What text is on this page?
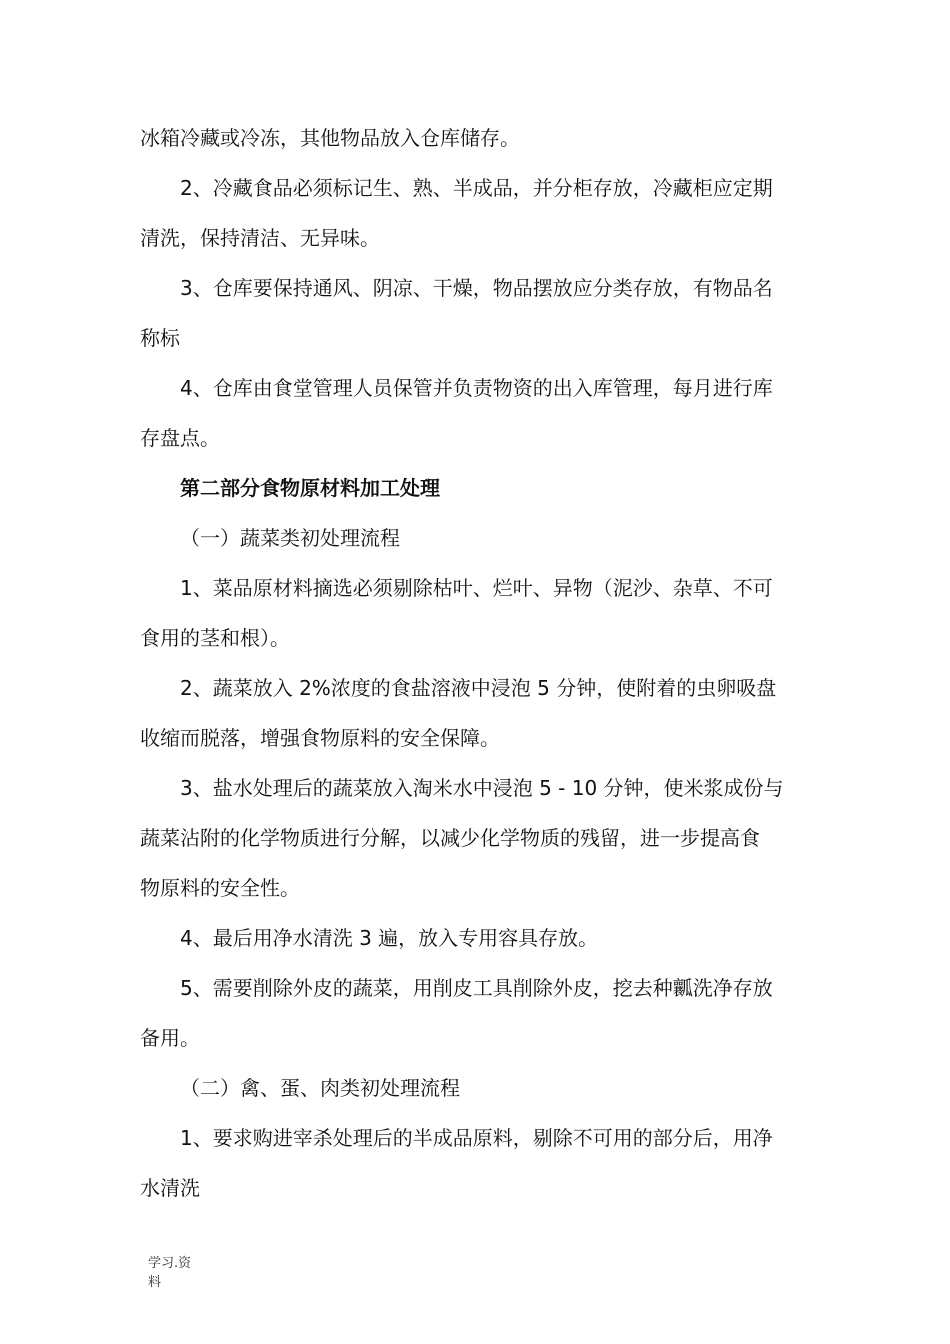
冰箱冷藏或冷冻，其他物品放入仓库储存。
2、冷藏食品必须标记生、熟、半成品，并分柜存放，冷藏柜应定期
清洗，保持清洁、无异味。
3、仓库要保持通风、阴凉、干燥，物品摆放应分类存放，有物品名
称标
4、仓库由食堂管理人员保管并负责物资的出入库管理，每月进行库
存盘点。
第二部分食物原材料加工处理
（一）蔬菜类初处理流程
1、菜品原材料摘选必须剔除枯叶、烂叶、异物（泥沙、杂草、不可
食用的茎和根）。
2、蔬菜放入 2%浓度的食盐溶液中浸泡 5 分钟，使附着的虫卵吸盘
收缩而脱落，增强食物原料的安全保障。
3、盐水处理后的蔬菜放入淘米水中浸泡 5 - 10 分钟，使米浆成份与
蔬菜沾附的化学物质进行分解，以减少化学物质的残留，进一步提高食
物原料的安全性。
4、最后用净水清洗 3 遍，放入专用容具存放。
5、需要削除外皮的蔬菜，用削皮工具削除外皮，挖去种瓤洗净存放
备用。
（二）禽、蛋、肉类初处理流程
1、要求购进宰杀处理后的半成品原料，剔除不可用的部分后，用净
水清洗
学习.资
料
